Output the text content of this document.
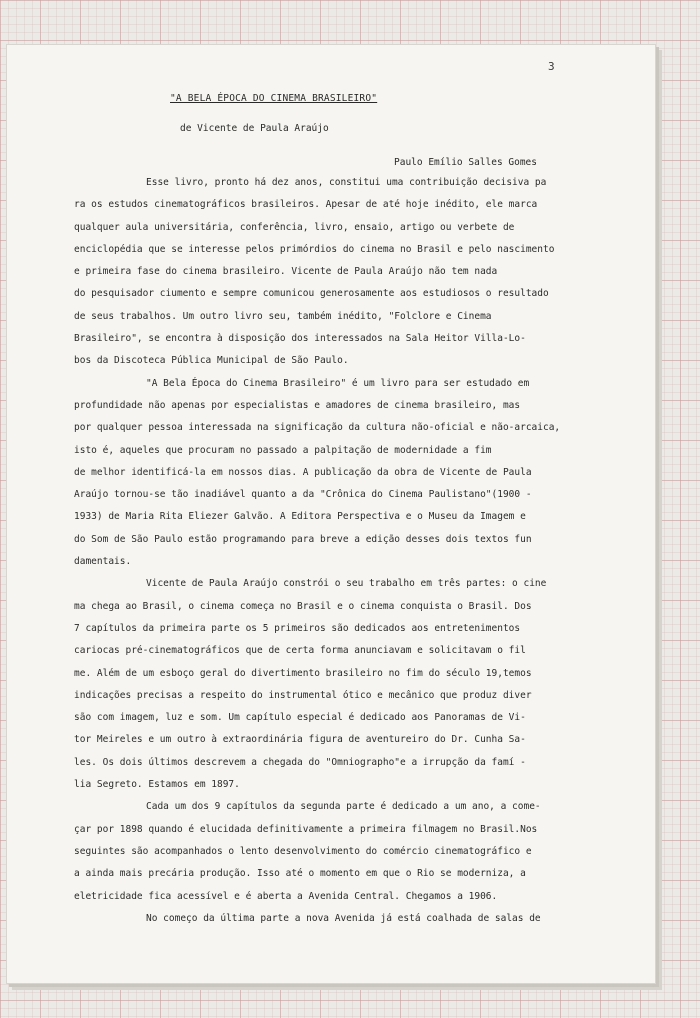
3
"A BELA ÉPOCA DO CINEMA BRASILEIRO"
de Vicente de Paula Araújo
Paulo Emílio Salles Gomes
Esse livro, pronto há dez anos, constitui uma contribuição decisiva pa
ra os estudos cinematográficos brasileiros. Apesar de até hoje inédito, ele marca
qualquer aula universitária, conferência, livro, ensaio, artigo ou verbete de
enciclopédia que se interesse pelos primórdios do cinema no Brasil e pelo nascimento
e primeira fase do cinema brasileiro. Vicente de Paula Araújo não tem nada
do pesquisador ciumento e sempre comunicou generosamente aos estudiosos o resultado
de seus trabalhos. Um outro livro seu, também inédito, "Folclore e Cinema
Brasileiro", se encontra à disposição dos interessados na Sala Heitor Villa-Lo-
bos da Discoteca Pública Municipal de São Paulo.
"A Bela Época do Cinema Brasileiro" é um livro para ser estudado em
profundidade não apenas por especialistas e amadores de cinema brasileiro, mas
por qualquer pessoa interessada na significação da cultura não-oficial e não-arcaica,
isto é, aqueles que procuram no passado a palpitação de modernidade a fim
de melhor identificá-la em nossos dias. A publicação da obra de Vicente de Paula
Araújo tornou-se tão inadiável quanto a da "Crônica do Cinema Paulistano"(1900 -
1933) de Maria Rita Eliezer Galvão. A Editora Perspectiva e o Museu da Imagem e
do Som de São Paulo estão programando para breve a edição desses dois textos fun
damentais.
Vicente de Paula Araújo constrói o seu trabalho em três partes: o cine
ma chega ao Brasil, o cinema começa no Brasil e o cinema conquista o Brasil. Dos
7 capítulos da primeira parte os 5 primeiros são dedicados aos entretenimentos
cariocas pré-cinematográficos que de certa forma anunciavam e solicitavam o fil
me. Além de um esboço geral do divertimento brasileiro no fim do século 19,temos
indicações precisas a respeito do instrumental ótico e mecânico que produz diver
são com imagem, luz e som. Um capítulo especial é dedicado aos Panoramas de Vi-
tor Meireles e um outro à extraordinária figura de aventureiro do Dr. Cunha Sa-
les. Os dois últimos descrevem a chegada do "Omniographo"e a irrupção da famí -
lia Segreto. Estamos em 1897.
Cada um dos 9 capítulos da segunda parte é dedicado a um ano, a come-
çar por 1898 quando é elucidada definitivamente a primeira filmagem no Brasil.Nos
seguintes são acompanhados o lento desenvolvimento do comércio cinematográfico e
a ainda mais precária produção. Isso até o momento em que o Rio se moderniza, a
eletricidade fica acessível e é aberta a Avenida Central. Chegamos a 1906.
No começo da última parte a nova Avenida já está coalhada de salas de
